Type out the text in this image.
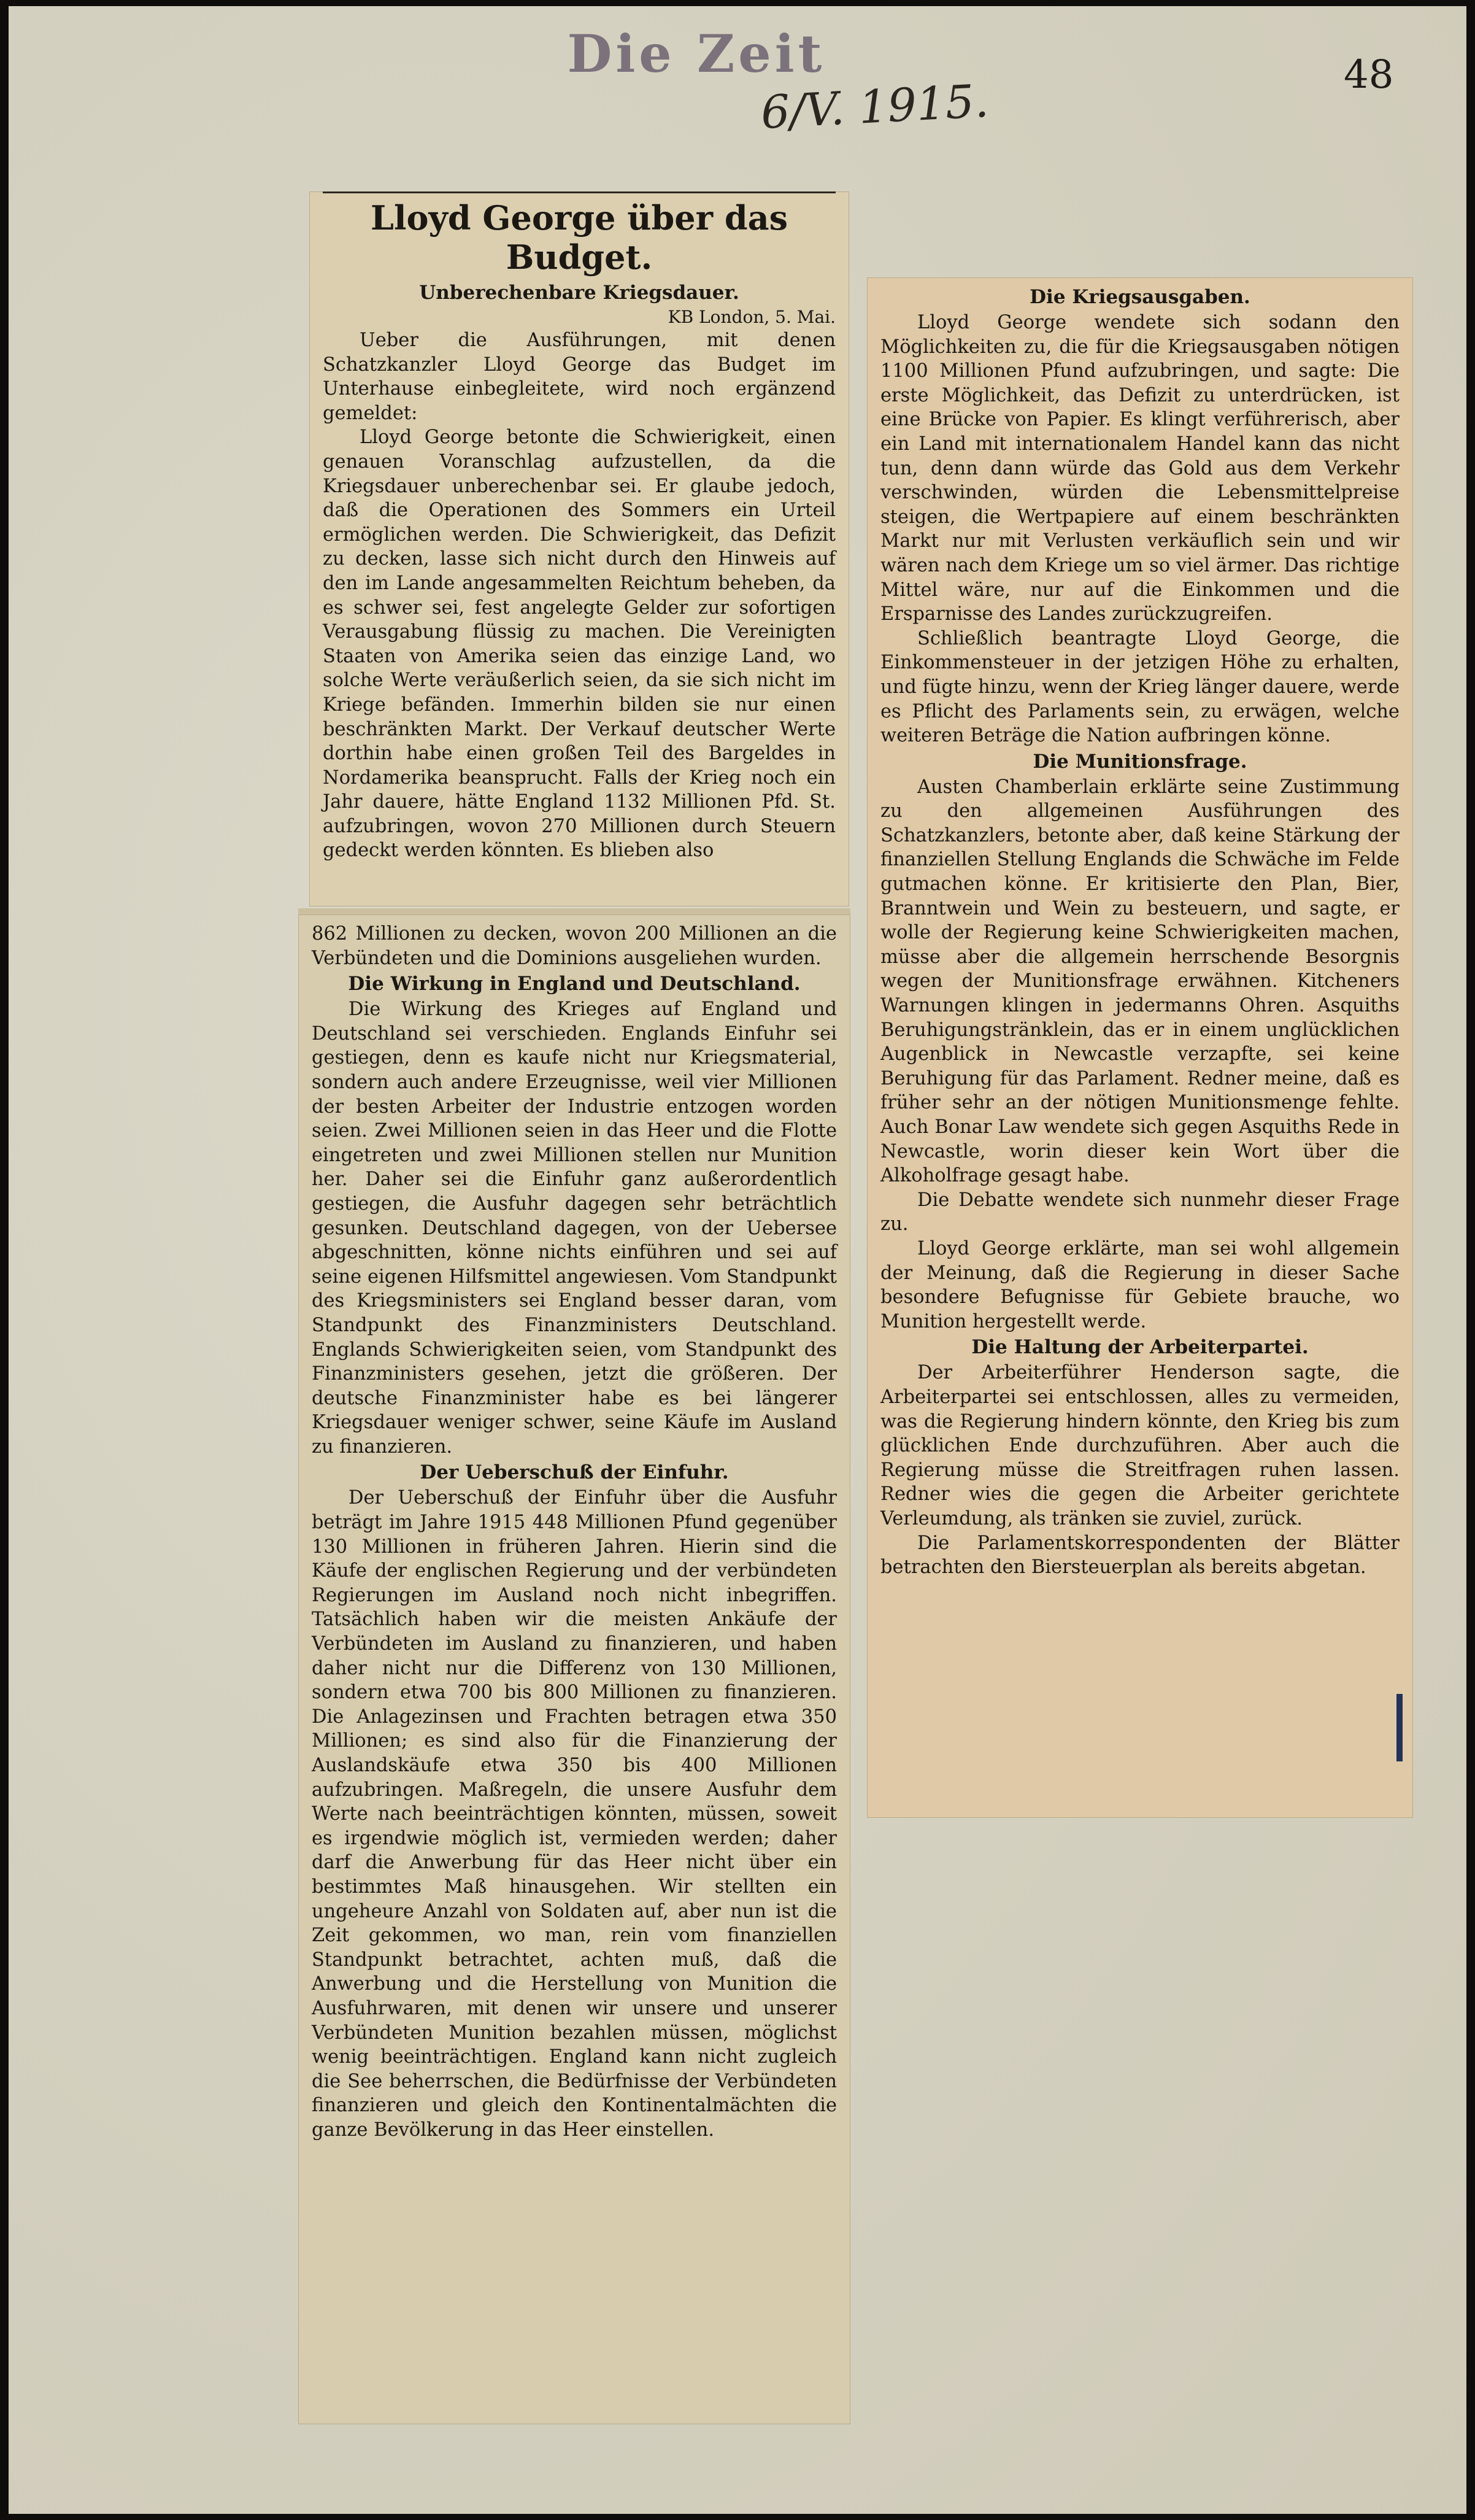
Die Zeit
6/V. 1915.	48
Lloyd George über das Budget.
Unberechenbare Kriegsdauer.
KB London, 5. Mai.

Ueber die Ausführungen, mit denen Schatzkanzler Lloyd George das Budget im Unterhause einbegleitete, wird noch ergänzend gemeldet:

Lloyd George betonte die Schwierigkeit, einen genauen Voranschlag aufzustellen, da die Kriegsdauer unberechenbar sei. Er glaube jedoch, daß die Operationen des Sommers ein Urteil ermöglichen werden. Die Schwierigkeit, das Defizit zu decken, lasse sich nicht durch den Hinweis auf den im Lande angesammelten Reichtum beheben, da es schwer sei, fest angelegte Gelder zur sofortigen Verausgabung flüssig zu machen. Die Vereinigten Staaten von Amerika seien das einzige Land, wo solche Werte veräußerlich seien, da sie sich nicht im Kriege befänden. Immerhin bilden sie nur einen beschränkten Markt. Der Verkauf deutscher Werte dorthin habe einen großen Teil des Bargeldes in Nordamerika beansprucht. Falls der Krieg noch ein Jahr dauere, hätte England 1132 Millionen Pfd. St. aufzubringen, wovon 270 Millionen durch Steuern gedeckt werden könnten. Es blieben also

862 Millionen zu decken, wovon 200 Millionen an die Verbündeten und die Dominions ausgeliehen wurden.

Die Wirkung in England und Deutschland.

Die Wirkung des Krieges auf England und Deutschland sei verschieden. Englands Einfuhr sei gestiegen, denn es kaufe nicht nur Kriegsmaterial, sondern auch andere Erzeugnisse, weil vier Millionen der besten Arbeiter der Industrie entzogen worden seien. Zwei Millionen seien in das Heer und die Flotte eingetreten und zwei Millionen stellen nur Munition her. Daher sei die Einfuhr ganz außerordentlich gestiegen, die Ausfuhr dagegen sehr beträchtlich gesunken. Deutschland dagegen, von der Uebersee abgeschnitten, könne nichts einführen und sei auf seine eigenen Hilfsmittel angewiesen. Vom Standpunkt des Kriegsministers sei England besser daran, vom Standpunkt des Finanzministers Deutschland. Englands Schwierigkeiten seien, vom Standpunkt des Finanzministers gesehen, jetzt die größeren. Der deutsche Finanzminister habe es bei längerer Kriegsdauer weniger schwer, seine Käufe im Ausland zu finanzieren.

Der Ueberschuß der Einfuhr.

Der Ueberschuß der Einfuhr über die Ausfuhr beträgt im Jahre 1915 448 Millionen Pfund gegenüber 130 Millionen in früheren Jahren. Hierin sind die Käufe der englischen Regierung und der verbündeten Regierungen im Ausland noch nicht inbegriffen. Tatsächlich haben wir die meisten Ankäufe der Verbündeten im Ausland zu finanzieren, und haben daher nicht nur die Differenz von 130 Millionen, sondern etwa 700 bis 800 Millionen zu finanzieren. Die Anlagezinsen und Frachten betragen etwa 350 Millionen; es sind also für die Finanzierung der Auslandskäufe etwa 350 bis 400 Millionen aufzubringen. Maßregeln, die unsere Ausfuhr dem Werte nach beeinträchtigen könnten, müssen, soweit es irgendwie möglich ist, vermieden werden; daher darf die Anwerbung für das Heer nicht über ein bestimmtes Maß hinausgehen. Wir stellten ein ungeheure Anzahl von Soldaten auf, aber nun ist die Zeit gekommen, wo man, rein vom finanziellen Standpunkt betrachtet, achten muß, daß die Anwerbung und die Herstellung von Munition die Ausfuhrwaren, mit denen wir unsere und unserer Verbündeten Munition bezahlen müssen, möglichst wenig beeinträchtigen. England kann nicht zugleich die See beherrschen, die Bedürfnisse der Verbündeten finanzieren und gleich den Kontinentalmächten die ganze Bevölkerung in das Heer einstellen.

Die Kriegsausgaben.

Lloyd George wendete sich sodann den Möglichkeiten zu, die für die Kriegsausgaben nötigen 1100 Millionen Pfund aufzubringen, und sagte: Die erste Möglichkeit, das Defizit zu unterdrücken, ist eine Brücke von Papier. Es klingt verführerisch, aber ein Land mit internationalem Handel kann das nicht tun, denn dann würde das Gold aus dem Verkehr verschwinden, würden die Lebensmittelpreise steigen, die Wertpapiere auf einem beschränkten Markt nur mit Verlusten verkäuflich sein und wir wären nach dem Kriege um so viel ärmer. Das richtige Mittel wäre, nur auf die Einkommen und die Ersparnisse des Landes zurückzugreifen.

Schließlich beantragte Lloyd George, die Einkommensteuer in der jetzigen Höhe zu erhalten, und fügte hinzu, wenn der Krieg länger dauere, werde es Pflicht des Parlaments sein, zu erwägen, welche weiteren Beträge die Nation aufbringen könne.

Die Munitionsfrage.

Austen Chamberlain erklärte seine Zustimmung zu den allgemeinen Ausführungen des Schatzkanzlers, betonte aber, daß keine Stärkung der finanziellen Stellung Englands die Schwäche im Felde gutmachen könne. Er kritisierte den Plan, Bier, Branntwein und Wein zu besteuern, und sagte, er wolle der Regierung keine Schwierigkeiten machen, müsse aber die allgemein herrschende Besorgnis wegen der Munitionsfrage erwähnen. Kitcheners Warnungen klingen in jedermanns Ohren. Asquiths Beruhigungstränklein, das er in einem unglücklichen Augenblick in Newcastle verzapfte, sei keine Beruhigung für das Parlament. Redner meine, daß es früher sehr an der nötigen Munitionsmenge fehlte. Auch Bonar Law wendete sich gegen Asquiths Rede in Newcastle, worin dieser kein Wort über die Alkoholfrage gesagt habe.

Die Debatte wendete sich nunmehr dieser Frage zu.

Lloyd George erklärte, man sei wohl allgemein der Meinung, daß die Regierung in dieser Sache besondere Befugnisse für Gebiete brauche, wo Munition hergestellt werde.

Die Haltung der Arbeiterpartei.

Der Arbeiterführer Henderson sagte, die Arbeiterpartei sei entschlossen, alles zu vermeiden, was die Regierung hindern könnte, den Krieg bis zum glücklichen Ende durchzuführen. Aber auch die Regierung müsse die Streitfragen ruhen lassen. Redner wies die gegen die Arbeiter gerichtete Verleumdung, als tränken sie zuviel, zurück.

Die Parlamentskorrespondenten der Blätter betrachten den Biersteuerplan als bereits abgetan.
